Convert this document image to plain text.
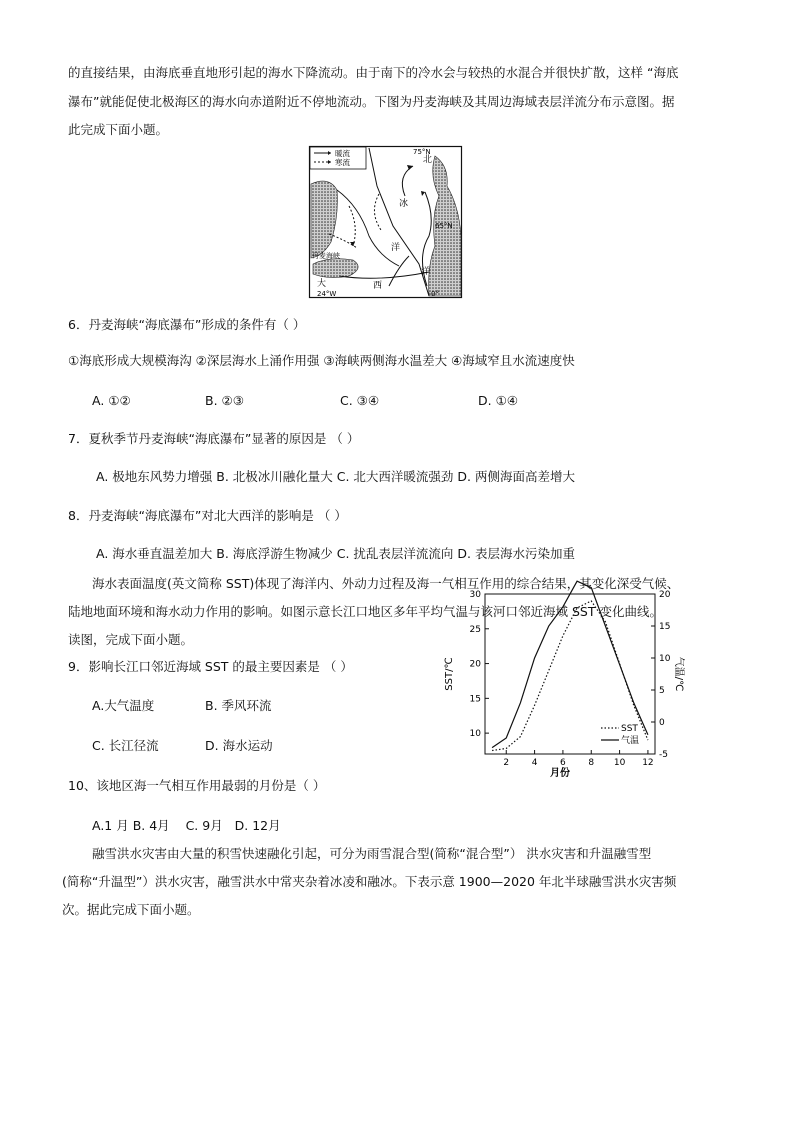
的直接结果，由海底垂直地形引起的海水下降流动。由于南下的冷水会与较热的水混合并很快扩散，这样 “海底
瀑布”就能促使北极海区的海水向赤道附近不停地流动。下图为丹麦海峡及其周边海域表层洋流分布示意图。据
此完成下面小题。
暖流
寒流
75°N
65°N
24°W	0°
北
冰
洋
丹麦海峡
大	西
洋
6．丹麦海峡“海底瀑布”形成的条件有（ ）
①海底形成大规模海沟 ②深层海水上涌作用强 ③海峡两侧海水温差大 ④海域窄且水流速度快
A. ①②	B. ②③	C. ③④	D. ①④
7．夏秋季节丹麦海峡“海底瀑布”显著的原因是 （ ）
A. 极地东风势力增强 B. 北极冰川融化量大 C. 北大西洋暖流强劲 D. 两侧海面高差增大
8．丹麦海峡“海底瀑布”对北大西洋的影响是 （ ）
A. 海水垂直温差加大 B. 海底浮游生物减少 C. 扰乱表层洋流流向 D. 表层海水污染加重
海水表面温度(英文简称 SST)体现了海洋内、外动力过程及海一气相互作用的综合结果，其变化深受气候、
陆地地面环境和海水动力作用的影响。如图示意长江口地区多年平均气温与该河口邻近海域 SST 变化曲线。
读图，完成下面小题。
9．影响长江口邻近海域 SST 的最主要因素是 （ ）
A.大气温度	B. 季风环流
C. 长江径流	D. 海水运动
10、该地区海一气相互作用最弱的月份是（ ）
A.1 月 B. 4月    C. 9月   D. 12月
融雪洪水灾害由大量的积雪快速融化引起，可分为雨雪混合型(简称“混合型”） 洪水灾害和升温融雪型
(简称“升温型”）洪水灾害，融雪洪水中常夹杂着冰凌和融冰。下表示意 1900—2020 年北半球融雪洪水灾害频
次。据此完成下面小题。
2	4	6	8 10 12
10
15
20
25
30
-5
0
5
10
15
20
月份
SST/℃	气温/℃
SST
气温
